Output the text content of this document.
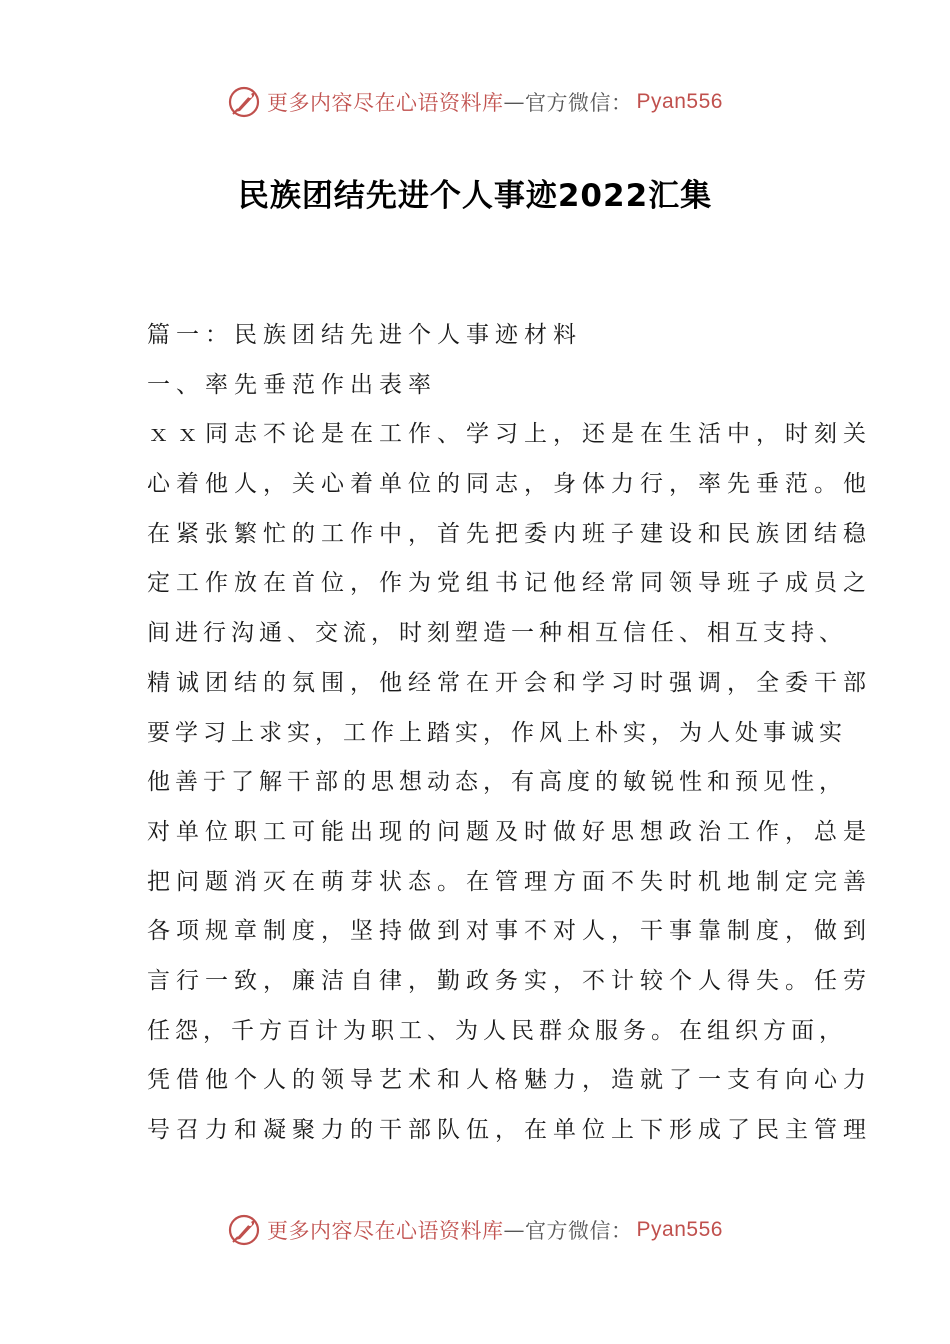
更多内容尽在心语资料库 — 官方微信： Pyan556
民族团结先进个人事迹2022汇集
篇一：民族团结先进个人事迹材料
一、率先垂范作出表率
ｘｘ同志不论是在工作、学习上，还是在生活中，时刻关
心着他人，关心着单位的同志，身体力行，率先垂范。他
在紧张繁忙的工作中，首先把委内班子建设和民族团结稳
定工作放在首位，作为党组书记他经常同领导班子成员之
间进行沟通、交流，时刻塑造一种相互信任、相互支持、
精诚团结的氛围，他经常在开会和学习时强调，全委干部
要学习上求实，工作上踏实，作风上朴实，为人处事诚实
他善于了解干部的思想动态，有高度的敏锐性和预见性，
对单位职工可能出现的问题及时做好思想政治工作，总是
把问题消灭在萌芽状态。在管理方面不失时机地制定完善
各项规章制度，坚持做到对事不对人，干事靠制度，做到
言行一致，廉洁自律，勤政务实，不计较个人得失。任劳
任怨，千方百计为职工、为人民群众服务。在组织方面，
凭借他个人的领导艺术和人格魅力，造就了一支有向心力
号召力和凝聚力的干部队伍，在单位上下形成了民主管理
更多内容尽在心语资料库 — 官方微信： Pyan556
